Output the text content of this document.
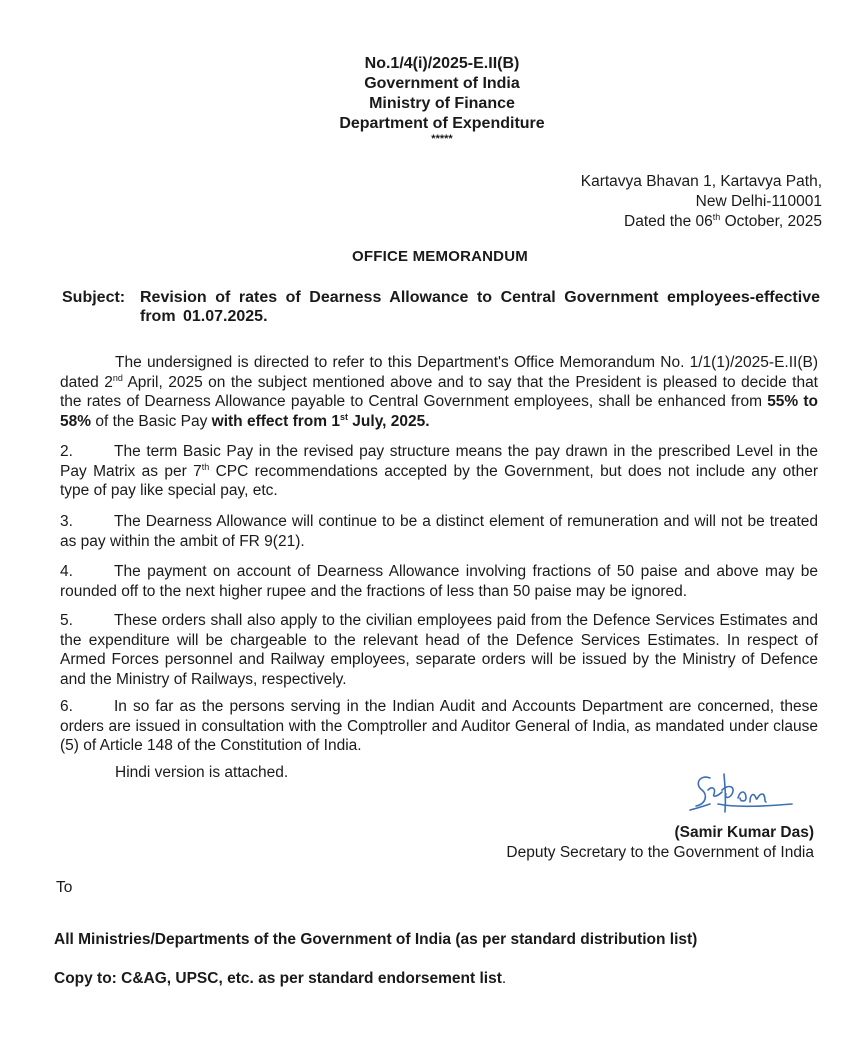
No.1/4(i)/2025-E.II(B)
Government of India
Ministry of Finance
Department of Expenditure
*****
Kartavya Bhavan 1, Kartavya Path,
New Delhi-110001
Dated the 06th October, 2025
OFFICE MEMORANDUM
Subject: Revision of rates of Dearness Allowance to Central Government employees-effective from 01.07.2025.
The undersigned is directed to refer to this Department's Office Memorandum No. 1/1(1)/2025-E.II(B) dated 2nd April, 2025 on the subject mentioned above and to say that the President is pleased to decide that the rates of Dearness Allowance payable to Central Government employees, shall be enhanced from 55% to 58% of the Basic Pay with effect from 1st July, 2025.
2.	The term Basic Pay in the revised pay structure means the pay drawn in the prescribed Level in the Pay Matrix as per 7th CPC recommendations accepted by the Government, but does not include any other type of pay like special pay, etc.
3.	The Dearness Allowance will continue to be a distinct element of remuneration and will not be treated as pay within the ambit of FR 9(21).
4.	The payment on account of Dearness Allowance involving fractions of 50 paise and above may be rounded off to the next higher rupee and the fractions of less than 50 paise may be ignored.
5.	These orders shall also apply to the civilian employees paid from the Defence Services Estimates and the expenditure will be chargeable to the relevant head of the Defence Services Estimates. In respect of Armed Forces personnel and Railway employees, separate orders will be issued by the Ministry of Defence and the Ministry of Railways, respectively.
6.	In so far as the persons serving in the Indian Audit and Accounts Department are concerned, these orders are issued in consultation with the Comptroller and Auditor General of India, as mandated under clause (5) of Article 148 of the Constitution of India.
Hindi version is attached.
(Samir Kumar Das)
Deputy Secretary to the Government of India
To
All Ministries/Departments of the Government of India (as per standard distribution list)
Copy to: C&AG, UPSC, etc. as per standard endorsement list.
